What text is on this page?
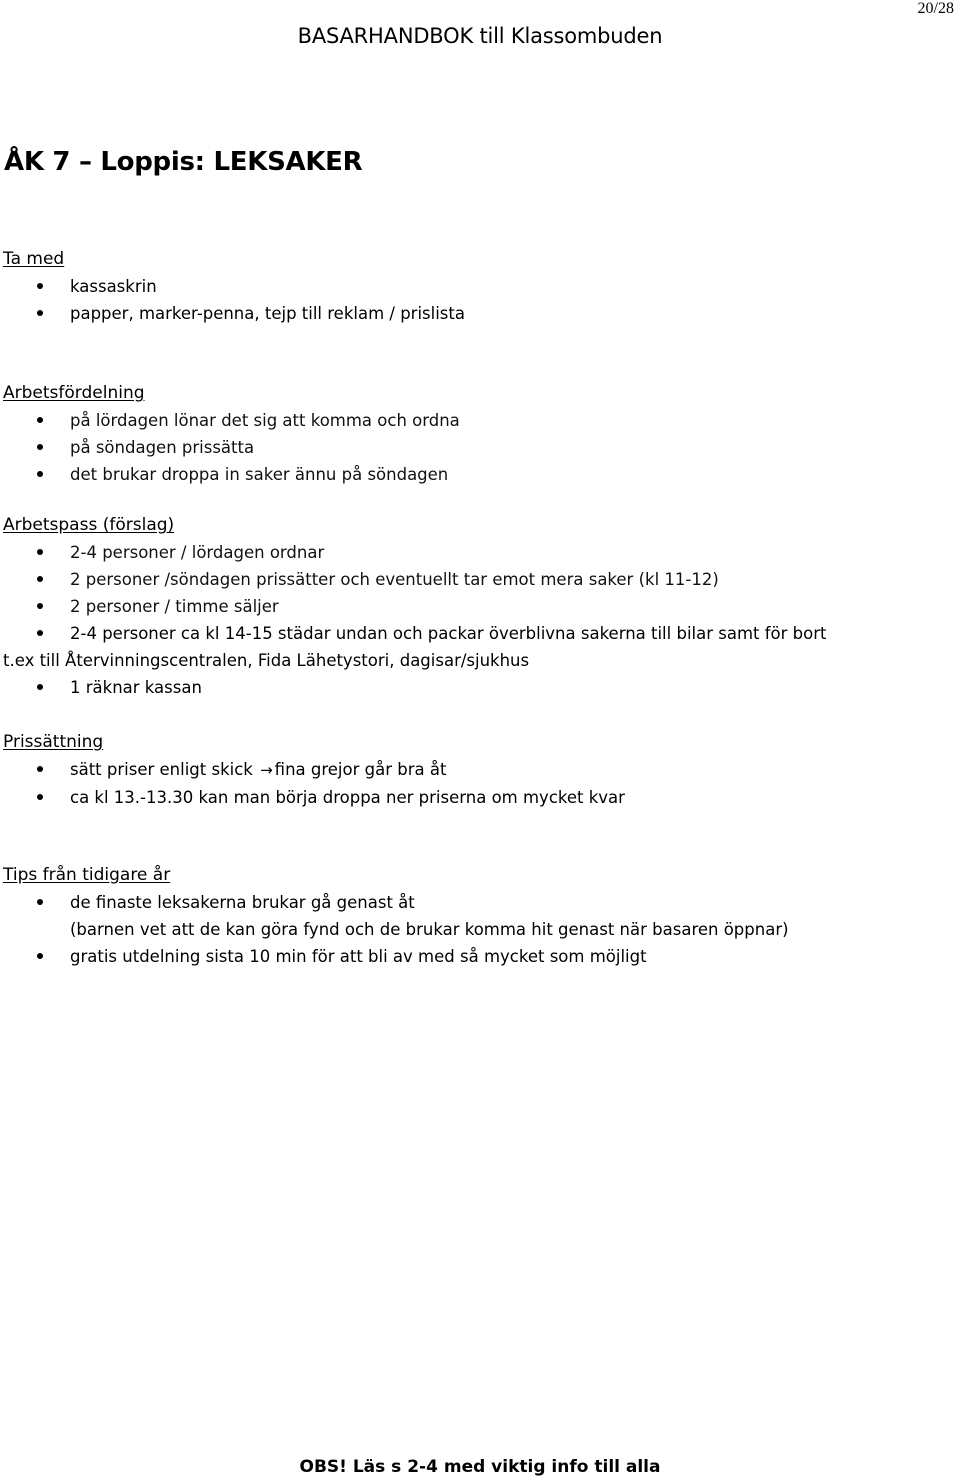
20/28
BASARHANDBOK till Klassombuden
ÅK 7 – Loppis: LEKSAKER
Ta med
kassaskrin
papper, marker-penna, tejp till reklam / prislista
Arbetsfördelning
på lördagen lönar det sig att komma och ordna
på söndagen prissätta
det brukar droppa in saker ännu på söndagen
Arbetspass (förslag)
2-4 personer / lördagen ordnar
2 personer /söndagen prissätter och eventuellt tar emot mera saker (kl 11-12)
2 personer / timme säljer
2-4 personer ca kl 14-15 städar undan och packar överblivna sakerna till bilar samt för bort
t.ex till Återvinningscentralen, Fida Lähetystori, dagisar/sjukhus
1 räknar kassan
Prissättning
sätt priser enligt skick → fina grejor går bra åt
ca kl 13.-13.30 kan man börja droppa ner priserna om mycket kvar
Tips från tidigare år
de finaste leksakerna brukar gå genast åt
(barnen vet att de kan göra fynd och de brukar komma hit genast när basaren öppnar)
gratis utdelning sista 10 min för att bli av med så mycket som möjligt
OBS! Läs s 2-4 med viktig info till alla
